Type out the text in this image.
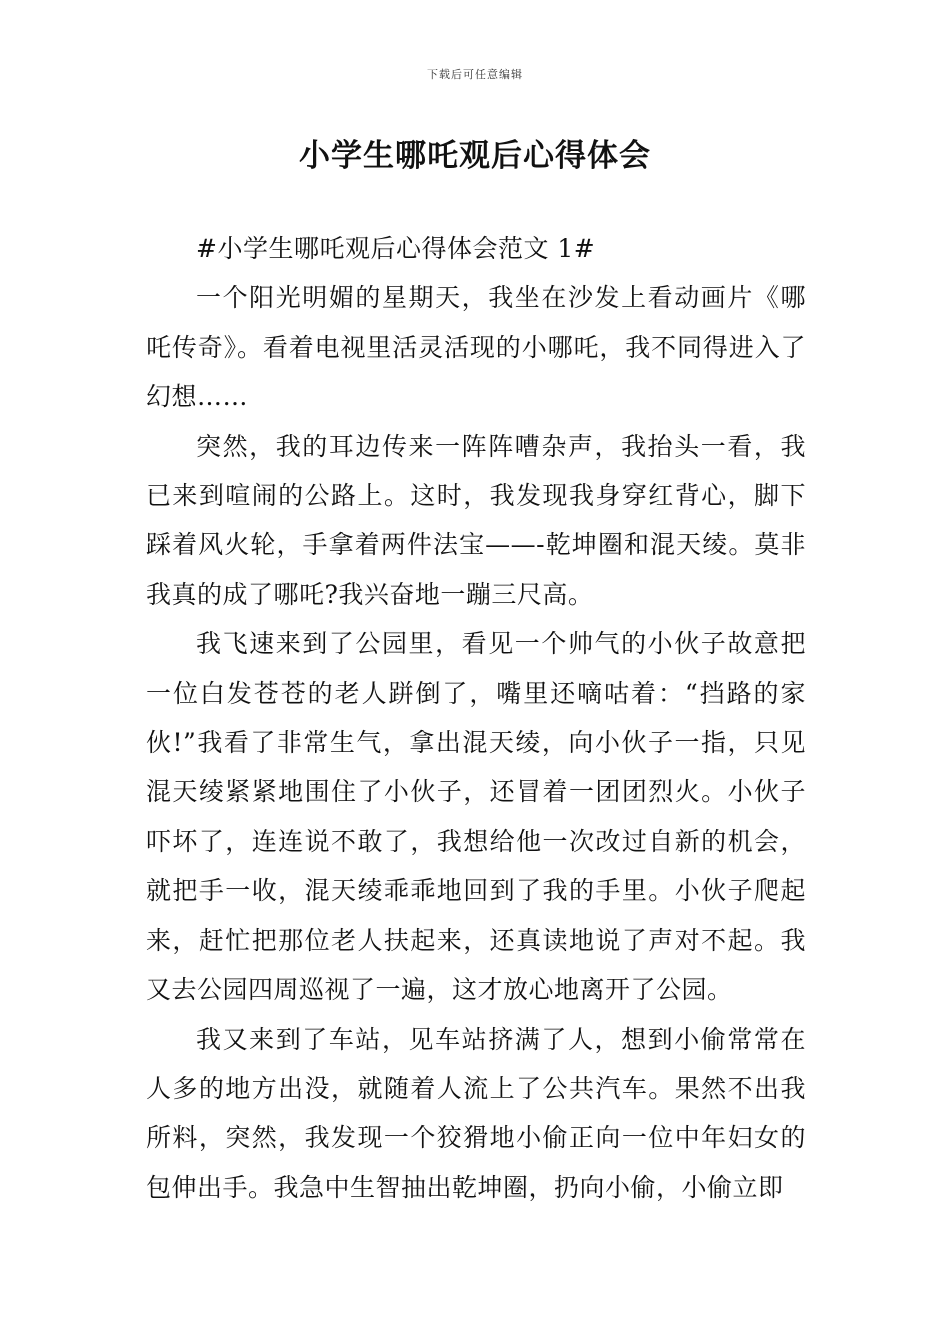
下载后可任意编辑
小学生哪吒观后心得体会

#小学生哪吒观后心得体会范文 1#

一个阳光明媚的星期天，我坐在沙发上看动画片《哪吒传奇》。看着电视里活灵活现的小哪吒，我不同得进入了幻想……

突然，我的耳边传来一阵阵嘈杂声，我抬头一看，我已来到喧闹的公路上。这时，我发现我身穿红背心，脚下踩着风火轮，手拿着两件法宝——-乾坤圈和混天绫。莫非我真的成了哪吒?我兴奋地一蹦三尺高。

我飞速来到了公园里，看见一个帅气的小伙子故意把一位白发苍苍的老人跰倒了，嘴里还嘀咕着：“挡路的家伙!”我看了非常生气，拿出混天绫，向小伙子一指，只见混天绫紧紧地围住了小伙子，还冒着一团团烈火。小伙子吓坏了，连连说不敢了，我想给他一次改过自新的机会，就把手一收，混天绫乖乖地回到了我的手里。小伙子爬起来，赶忙把那位老人扶起来，还真读地说了声对不起。我又去公园四周巡视了一遍，这才放心地离开了公园。

我又来到了车站，见车站挤满了人，想到小偷常常在人多的地方出没，就随着人流上了公共汽车。果然不出我所料，突然，我发现一个狡猾地小偷正向一位中年妇女的包伸出手。我急中生智抽出乾坤圈，扔向小偷，小偷立即
